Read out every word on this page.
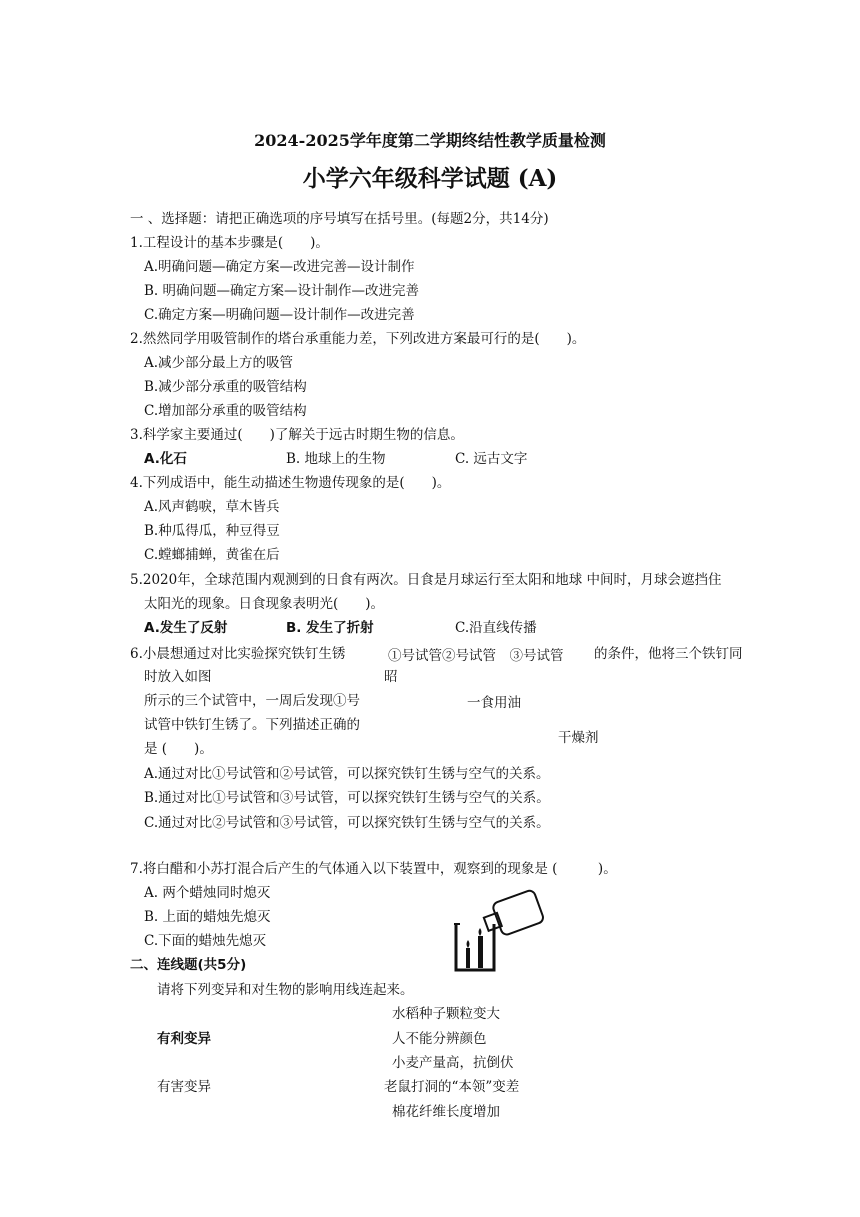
2024-2025学年度第二学期终结性教学质量检测
小学六年级科学试题 (A)
一 、选择题：请把正确选项的序号填写在括号里。(每题2分，共14分)
1.工程设计的基本步骤是(　　)。
A.明确问题—确定方案—改进完善—设计制作
B. 明确问题—确定方案—设计制作—改进完善
C.确定方案—明确问题—设计制作—改进完善
2.然然同学用吸管制作的塔台承重能力差，下列改进方案最可行的是(　　)。
A.减少部分最上方的吸管
B.减少部分承重的吸管结构
C.增加部分承重的吸管结构
3.科学家主要通过(　　)了解关于远古时期生物的信息。
A.化石	B. 地球上的生物	C. 远古文字
4.下列成语中，能生动描述生物遗传现象的是(　　)。
A.风声鹤唳，草木皆兵
B.种瓜得瓜，种豆得豆
C.螳螂捕蝉，黄雀在后
5.2020年，全球范围内观测到的日食有两次。日食是月球运行至太阳和地球 中间时，月球会遮挡住
太阳光的现象。日食现象表明光(　　)。
A.发生了反射	B. 发生了折射	C.沿直线传播
6.小晨想通过对比实验探究铁钉生锈
时放入如图
①号试管②号试管　③号试管
昭
的条件，他将三个铁钉同
所示的三个试管中，一周后发现①号
试管中铁钉生锈了。下列描述正确的
是 (　　)。
一食用油
干燥剂
A.通过对比①号试管和②号试管，可以探究铁钉生锈与空气的关系。
B.通过对比①号试管和③号试管，可以探究铁钉生锈与空气的关系。
C.通过对比②号试管和③号试管，可以探究铁钉生锈与空气的关系。
7.将白醋和小苏打混合后产生的气体通入以下装置中，观察到的现象是 (　　　)。
A. 两个蜡烛同时熄灭
B. 上面的蜡烛先熄灭
C.下面的蜡烛先熄灭
二、连线题(共5分)
请将下列变异和对生物的影响用线连起来。
水稻种子颗粒变大
有利变异	人不能分辨颜色
小麦产量高，抗倒伏
有害变异	老鼠打洞的“本领”变差
棉花纤维长度增加
